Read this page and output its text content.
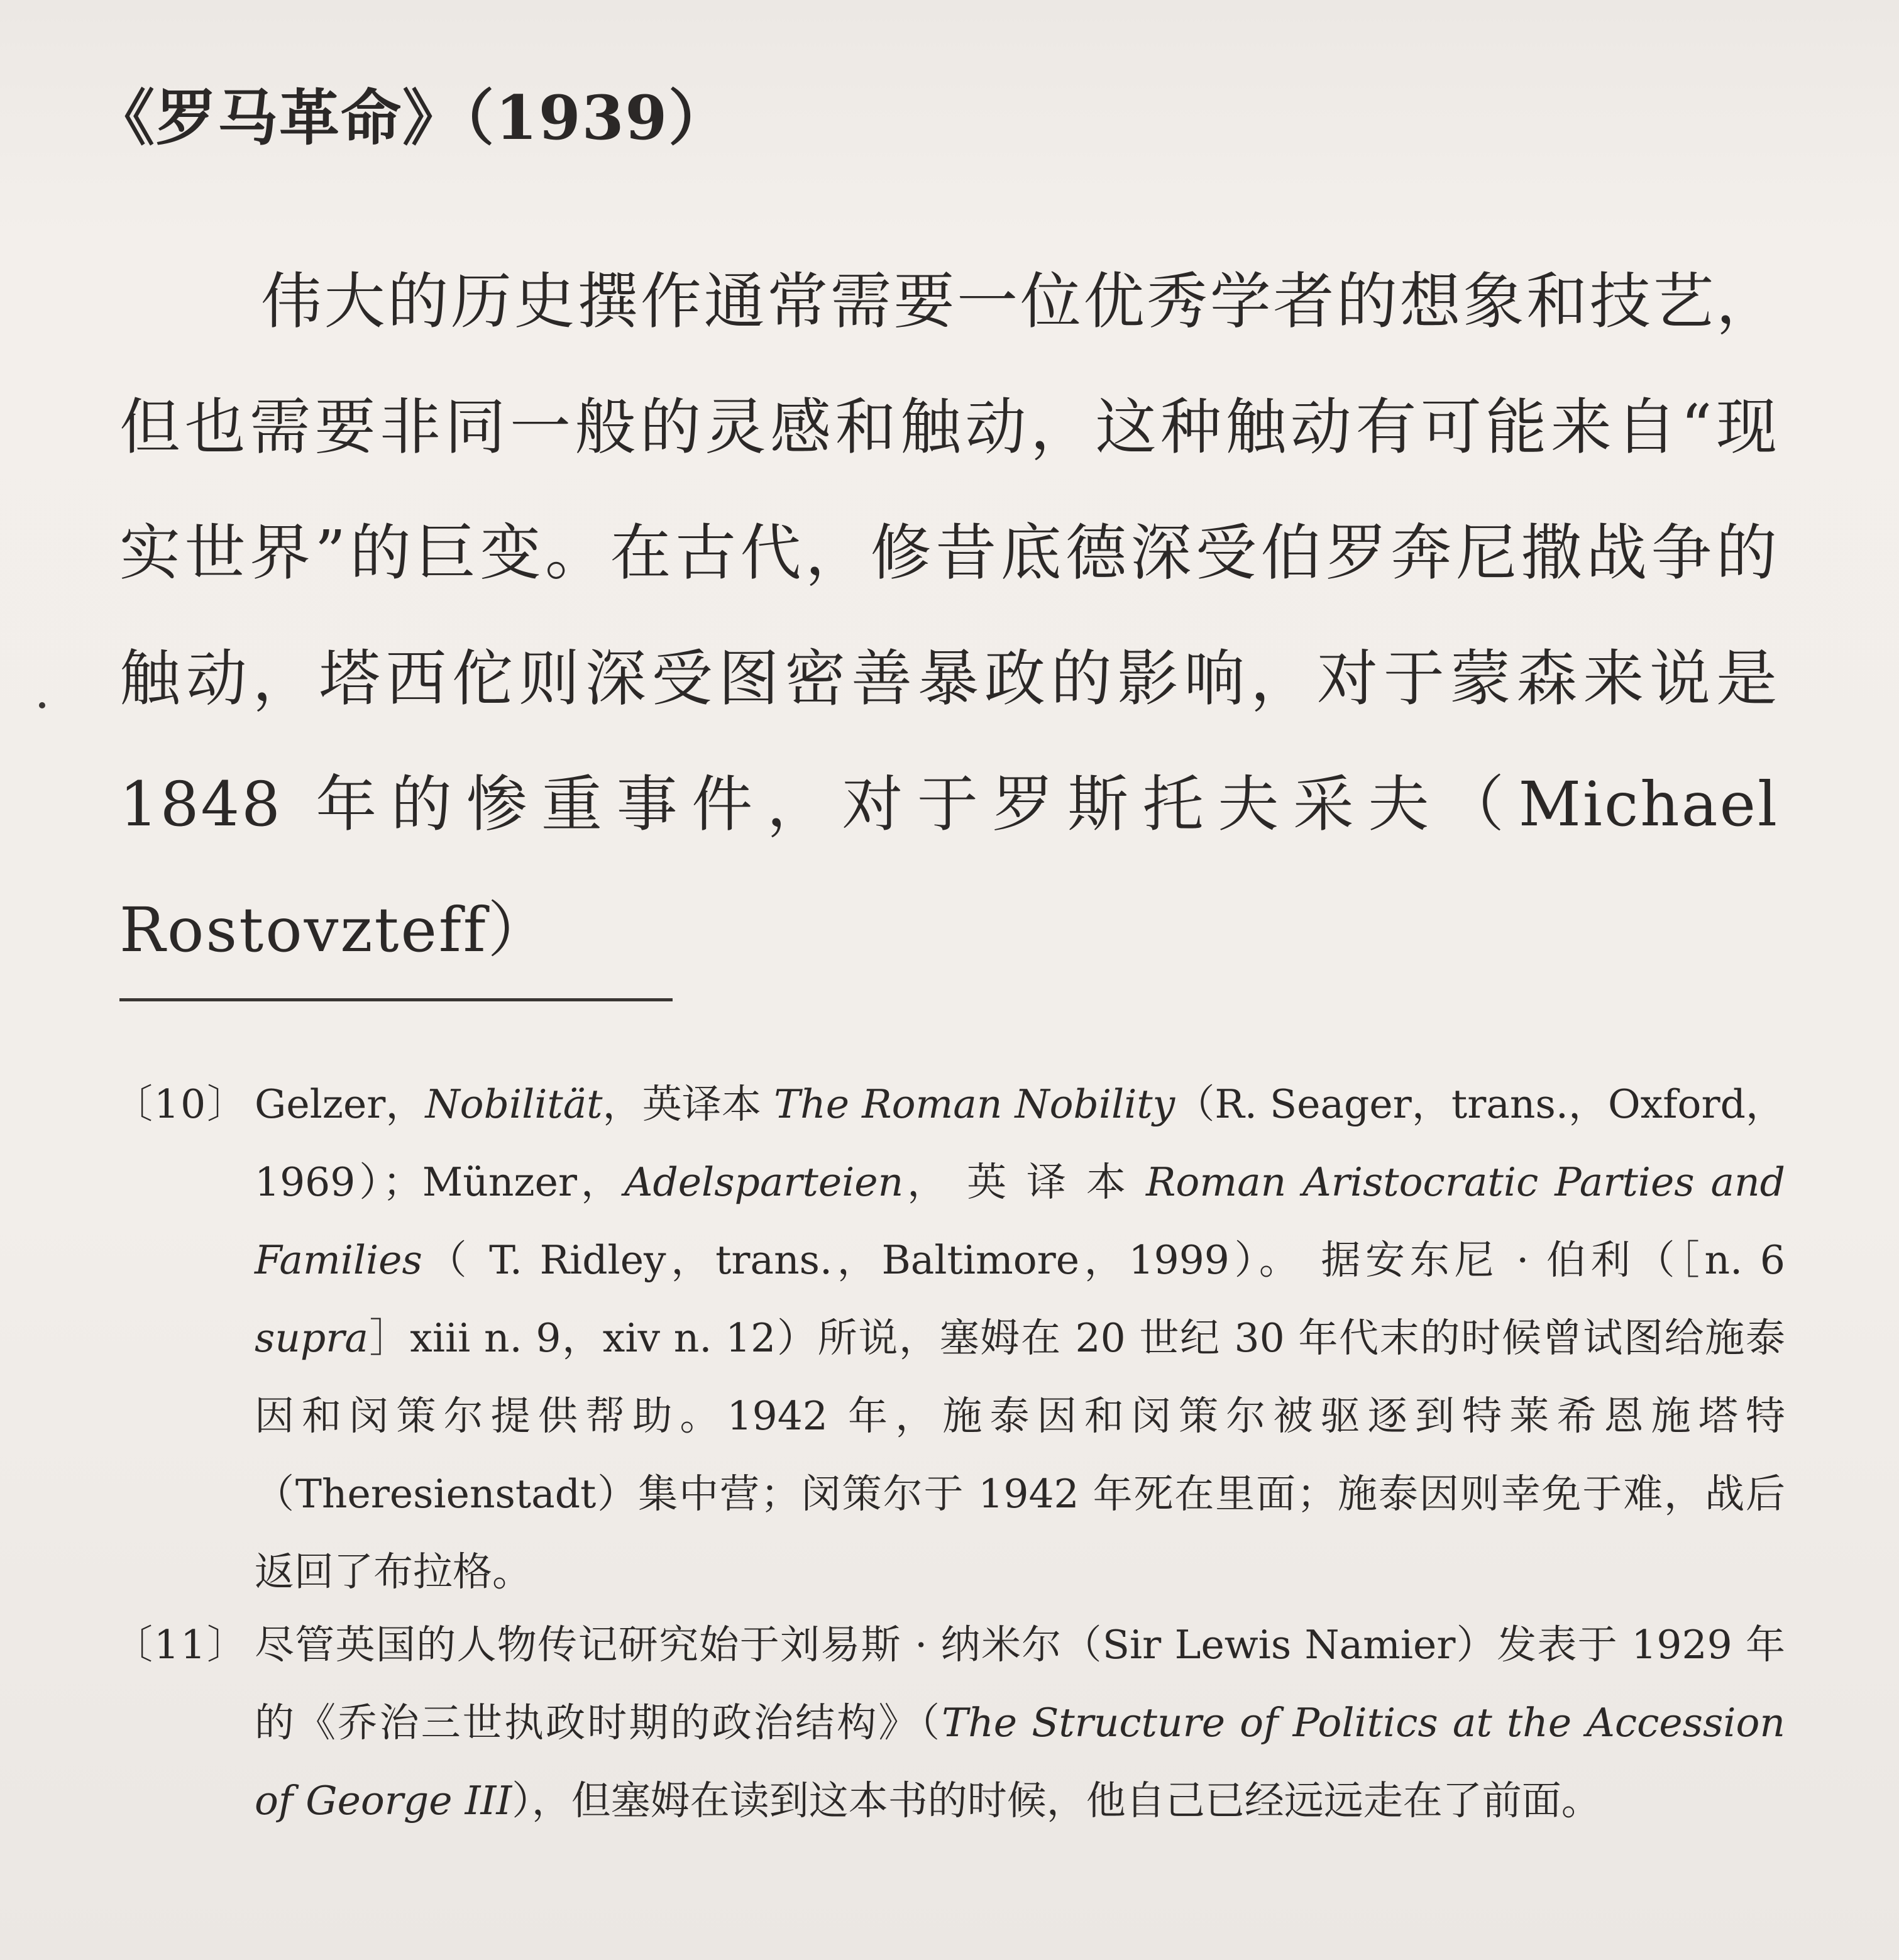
《罗马革命》（1939）
伟大的历史撰作通常需要一位优秀学者的想象和技艺，但也需要非同一般的灵感和触动，这种触动有可能来自“现实世界”的巨变。在古代，修昔底德深受伯罗奔尼撒战争的触动，塔西佗则深受图密善暴政的影响，对于蒙森来说是1848 年的惨重事件，对于罗斯托夫采夫（Michael Rostovzteff）
〔10〕 Gelzer，Nobilität，英译本 The Roman Nobility（R. Seager，trans.，Oxford，1969）；Münzer，Adelsparteien， 英 译 本 Roman Aristocratic Parties and Families（ T. Ridley，trans.，Baltimore，1999）。 据安东尼 · 伯利（［n. 6 supra］xiii n. 9，xiv n. 12）所说，塞姆在 20 世纪 30 年代末的时候曾试图给施泰因和闵策尔提供帮助。1942 年，施泰因和闵策尔被驱逐到特莱希恩施塔特（Theresienstadt）集中营；闵策尔于 1942 年死在里面；施泰因则幸免于难，战后返回了布拉格。
〔11〕 尽管英国的人物传记研究始于刘易斯 · 纳米尔（Sir Lewis Namier）发表于 1929 年的《乔治三世执政时期的政治结构》（The Structure of Politics at the Accession of George III），但塞姆在读到这本书的时候，他自己已经远远走在了前面。
